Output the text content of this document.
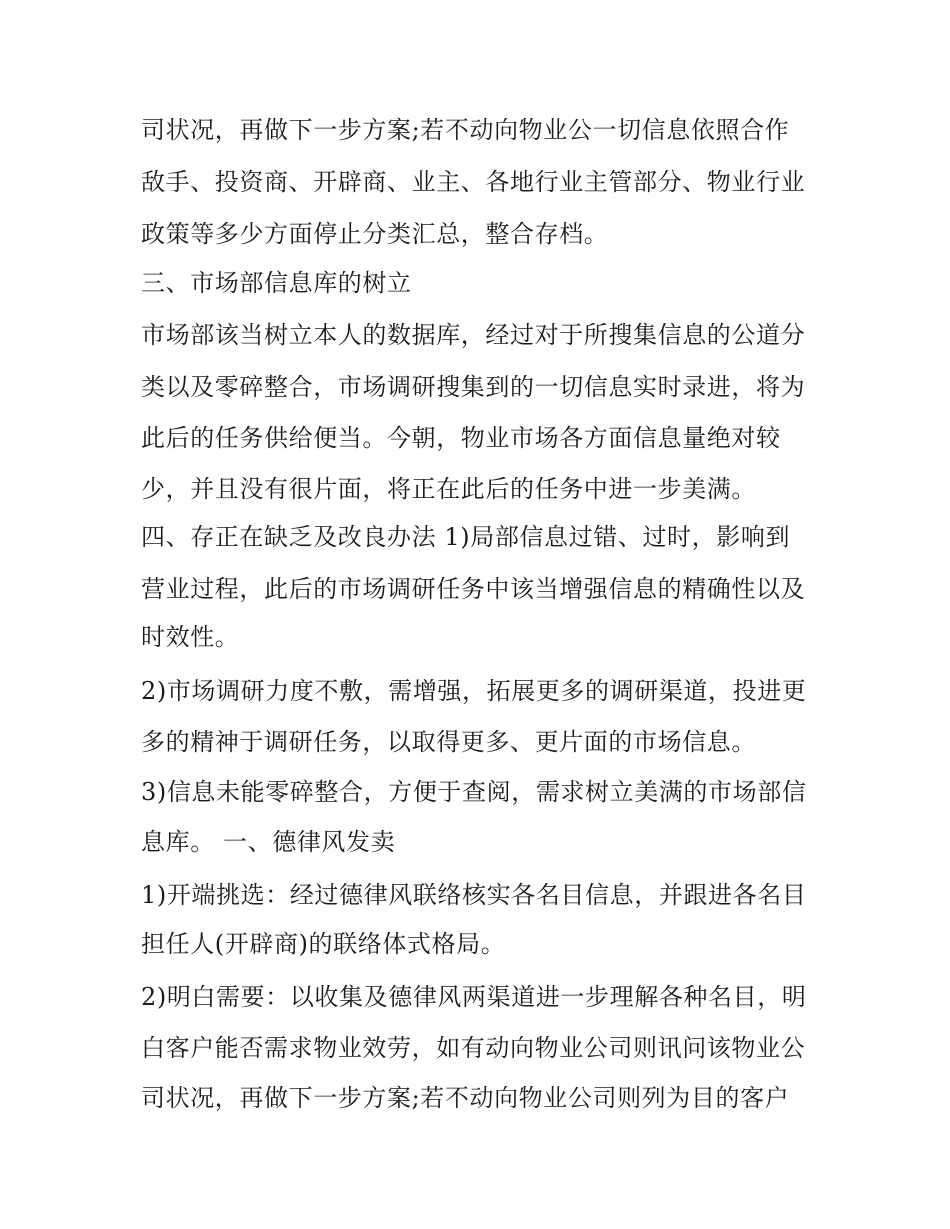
司状况，再做下一步方案;若不动向物业公一切信息依照合作

敌手、投资商、开辟商、业主、各地行业主管部分、物业行业

政策等多少方面停止分类汇总，整合存档。

三、市场部信息库的树立

市场部该当树立本人的数据库，经过对于所搜集信息的公道分

类以及零碎整合，市场调研搜集到的一切信息实时录进，将为

此后的任务供给便当。今朝，物业市场各方面信息量绝对较

少，并且没有很片面，将正在此后的任务中进一步美满。

四、存正在缺乏及改良办法 1)局部信息过错、过时，影响到

营业过程，此后的市场调研任务中该当增强信息的精确性以及

时效性。

2)市场调研力度不敷，需增强，拓展更多的调研渠道，投进更

多的精神于调研任务，以取得更多、更片面的市场信息。

3)信息未能零碎整合，方便于查阅，需求树立美满的市场部信

息库。 一、德律风发卖

1)开端挑选：经过德律风联络核实各名目信息，并跟进各名目

担任人(开辟商)的联络体式格局。

2)明白需要：以收集及德律风两渠道进一步理解各种名目，明

白客户能否需求物业效劳，如有动向物业公司则讯问该物业公

司状况，再做下一步方案;若不动向物业公司则列为目的客户
